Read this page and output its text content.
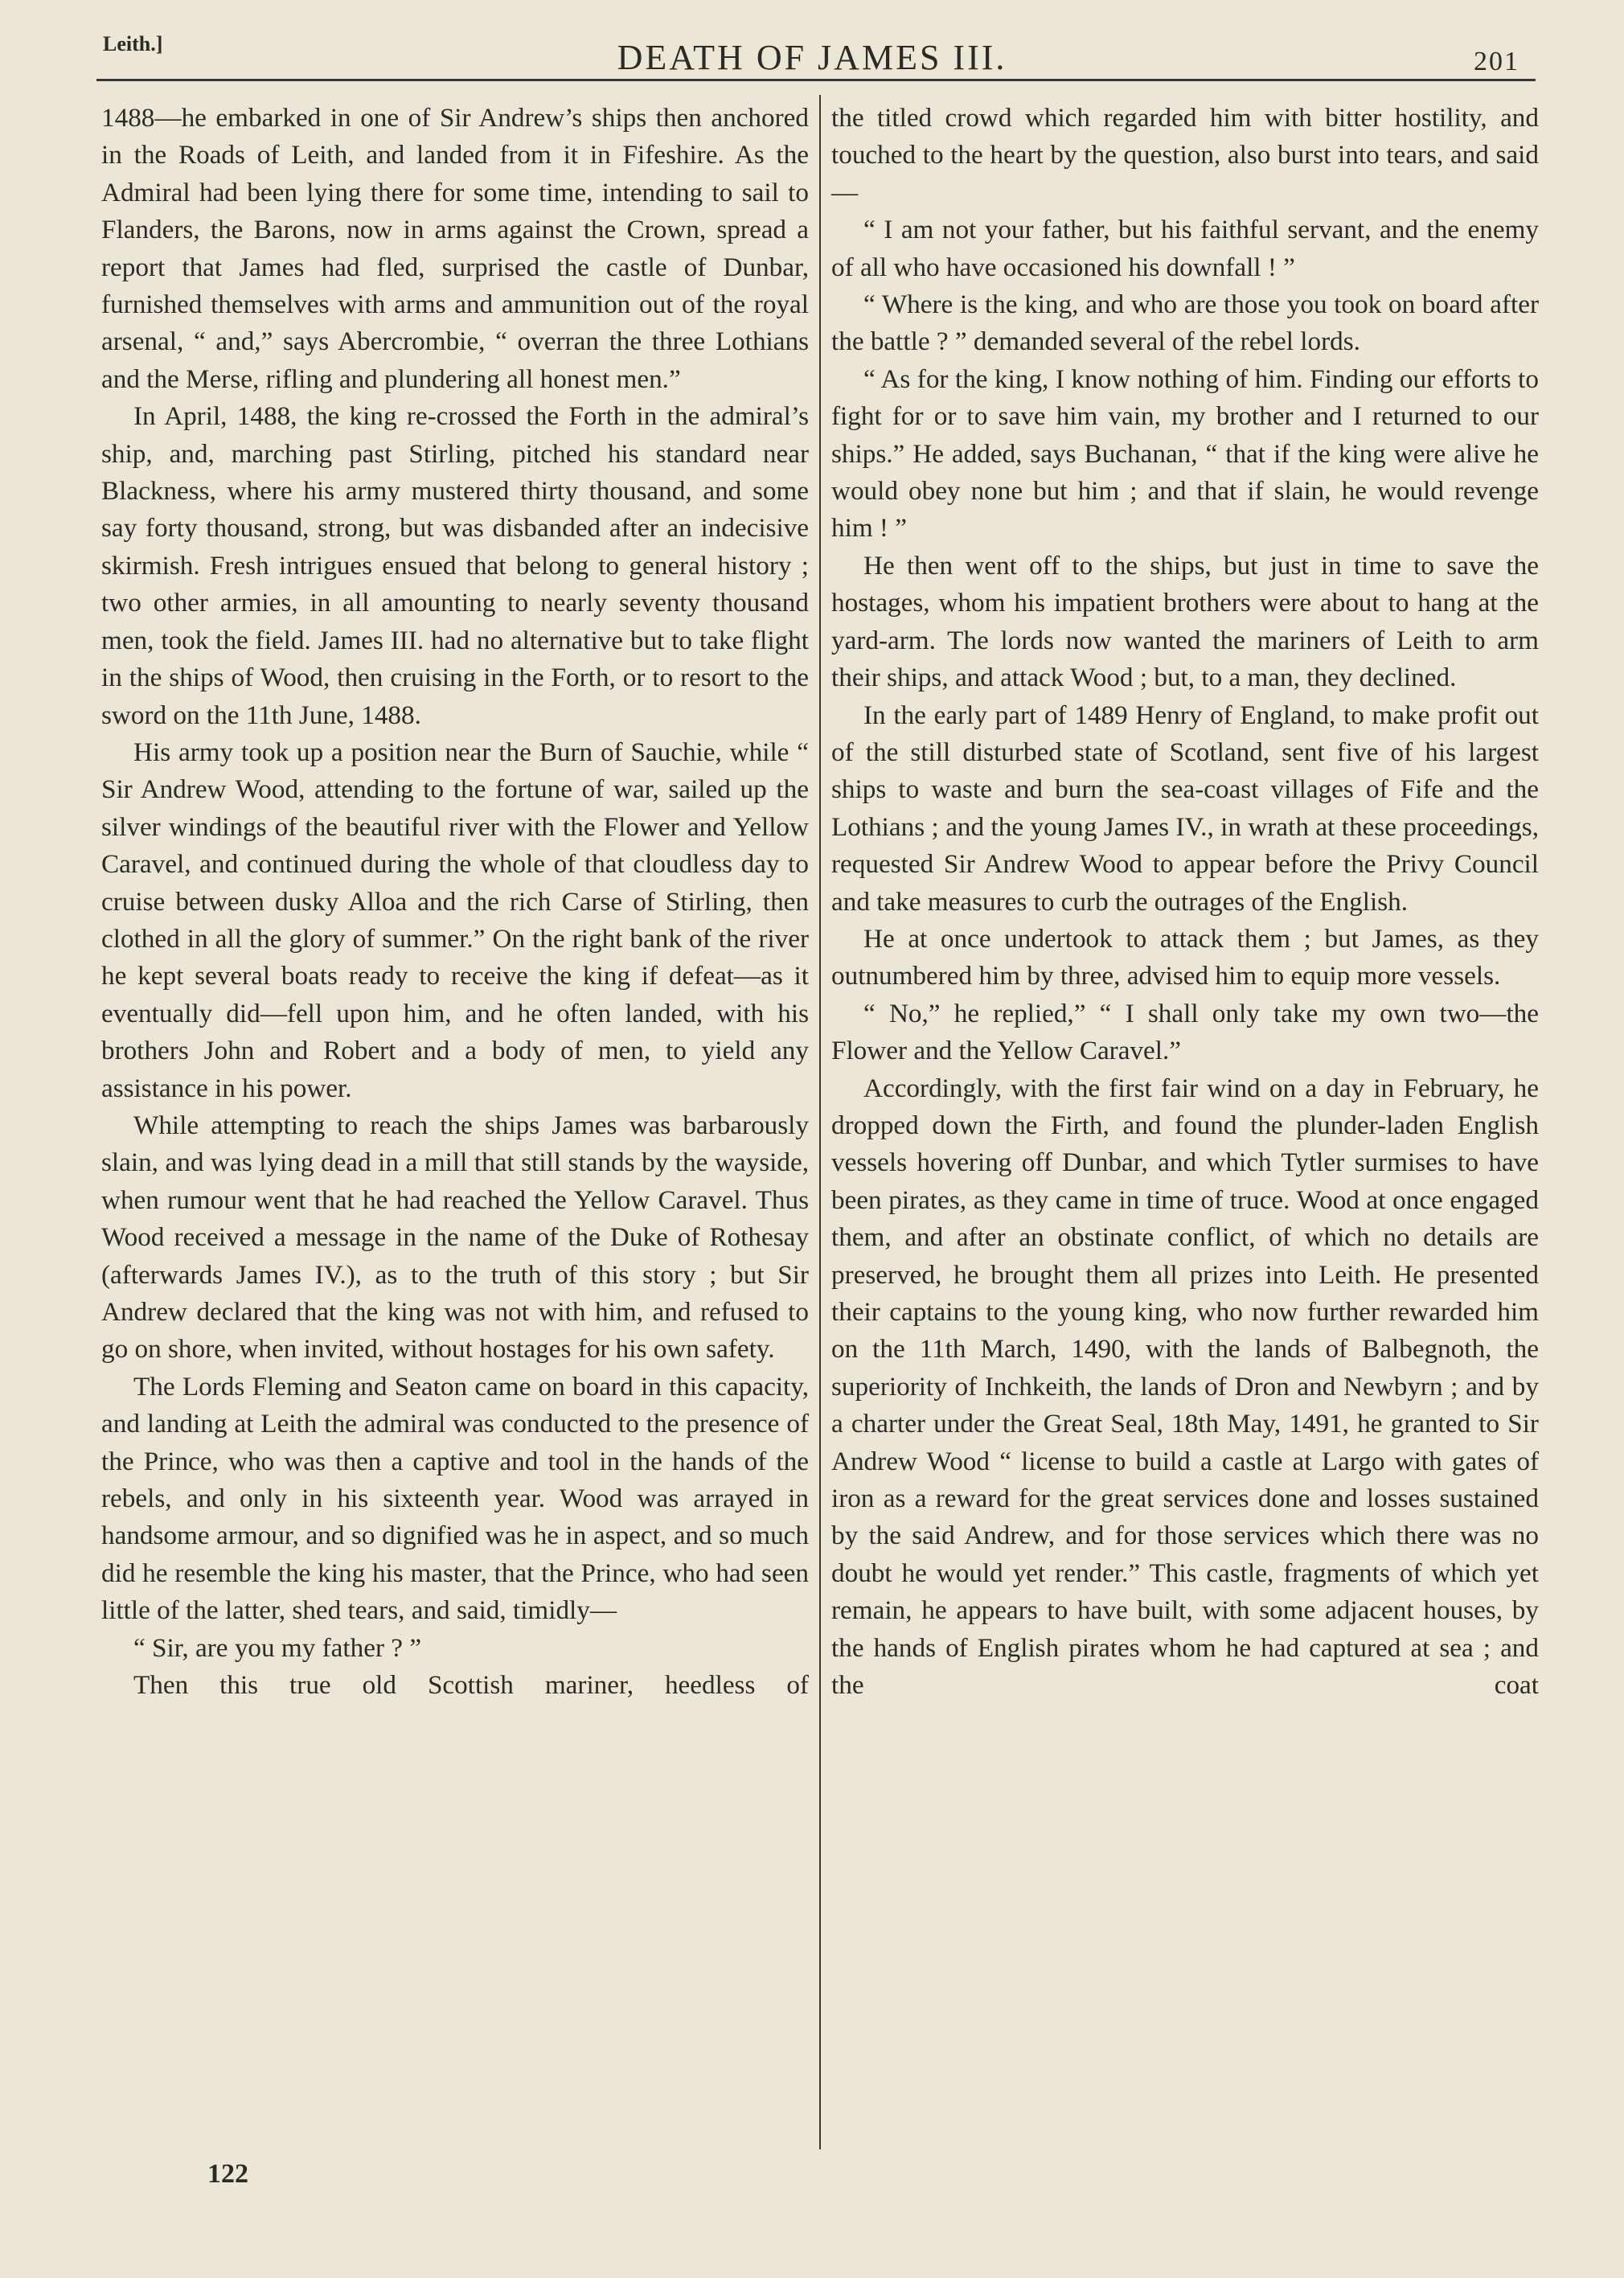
Leith.]	DEATH OF JAMES III.	201

1488—he embarked in one of Sir Andrew’s ships then anchored in the Roads of Leith, and landed from it in Fifeshire. As the Admiral had been lying there for some time, intending to sail to Flanders, the Barons, now in arms against the Crown, spread a report that James had fled, surprised the castle of Dunbar, furnished themselves with arms and ammunition out of the royal arsenal, “ and,” says Abercrombie, “ overran the three Lothians and the Merse, rifling and plundering all honest men.”

In April, 1488, the king re-crossed the Forth in the admiral’s ship, and, marching past Stirling, pitched his standard near Blackness, where his army mustered thirty thousand, and some say forty thousand, strong, but was disbanded after an indecisive skirmish. Fresh intrigues ensued that belong to general history ; two other armies, in all amounting to nearly seventy thousand men, took the field. James III. had no alternative but to take flight in the ships of Wood, then cruising in the Forth, or to resort to the sword on the 11th June, 1488.

His army took up a position near the Burn of Sauchie, while “ Sir Andrew Wood, attending to the fortune of war, sailed up the silver windings of the beautiful river with the Flower and Yellow Caravel, and continued during the whole of that cloudless day to cruise between dusky Alloa and the rich Carse of Stirling, then clothed in all the glory of summer.” On the right bank of the river he kept several boats ready to receive the king if defeat—as it eventually did—fell upon him, and he often landed, with his brothers John and Robert and a body of men, to yield any assistance in his power.

While attempting to reach the ships James was barbarously slain, and was lying dead in a mill that still stands by the wayside, when rumour went that he had reached the Yellow Caravel. Thus Wood received a message in the name of the Duke of Rothesay (afterwards James IV.), as to the truth of this story ; but Sir Andrew declared that the king was not with him, and refused to go on shore, when invited, without hostages for his own safety.

The Lords Fleming and Seaton came on board in this capacity, and landing at Leith the admiral was conducted to the presence of the Prince, who was then a captive and tool in the hands of the rebels, and only in his sixteenth year. Wood was arrayed in handsome armour, and so dignified was he in aspect, and so much did he resemble the king his master, that the Prince, who had seen little of the latter, shed tears, and said, timidly—

“ Sir, are you my father ? ”

Then this true old Scottish mariner, heedless of

the titled crowd which regarded him with bitter hostility, and touched to the heart by the question, also burst into tears, and said—

“ I am not your father, but his faithful servant, and the enemy of all who have occasioned his downfall ! ”

“ Where is the king, and who are those you took on board after the battle ? ” demanded several of the rebel lords.

“ As for the king, I know nothing of him. Finding our efforts to fight for or to save him vain, my brother and I returned to our ships.” He added, says Buchanan, “ that if the king were alive he would obey none but him ; and that if slain, he would revenge him ! ”

He then went off to the ships, but just in time to save the hostages, whom his impatient brothers were about to hang at the yard-arm. The lords now wanted the mariners of Leith to arm their ships, and attack Wood ; but, to a man, they declined.

In the early part of 1489 Henry of England, to make profit out of the still disturbed state of Scotland, sent five of his largest ships to waste and burn the sea-coast villages of Fife and the Lothians ; and the young James IV., in wrath at these proceedings, requested Sir Andrew Wood to appear before the Privy Council and take measures to curb the outrages of the English.

He at once undertook to attack them ; but James, as they outnumbered him by three, advised him to equip more vessels.

“ No,” he replied,” “ I shall only take my own two—the Flower and the Yellow Caravel.”

Accordingly, with the first fair wind on a day in February, he dropped down the Firth, and found the plunder-laden English vessels hovering off Dunbar, and which Tytler surmises to have been pirates, as they came in time of truce. Wood at once engaged them, and after an obstinate conflict, of which no details are preserved, he brought them all prizes into Leith. He presented their captains to the young king, who now further rewarded him on the 11th March, 1490, with the lands of Balbegnoth, the superiority of Inchkeith, the lands of Dron and Newbyrn ; and by a charter under the Great Seal, 18th May, 1491, he granted to Sir Andrew Wood “ license to build a castle at Largo with gates of iron as a reward for the great services done and losses sustained by the said Andrew, and for those services which there was no doubt he would yet render.” This castle, fragments of which yet remain, he appears to have built, with some adjacent houses, by the hands of English pirates whom he had captured at sea ; and the coat

122
